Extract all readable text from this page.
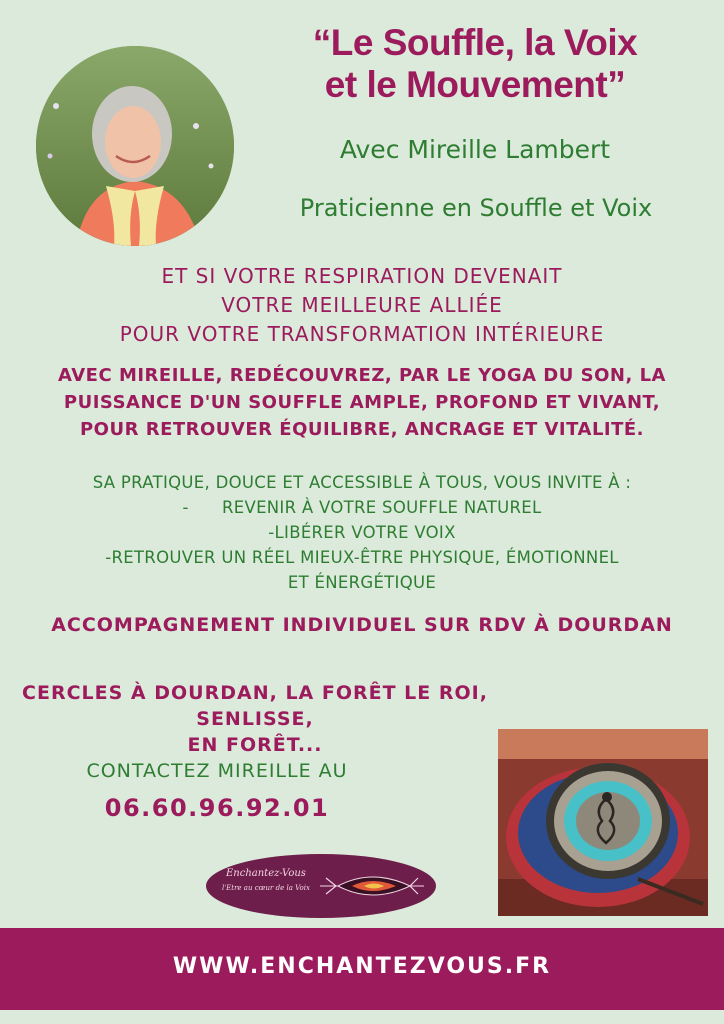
“Le Souffle, la Voix
et le Mouvement”
Avec Mireille Lambert
Praticienne en Souffle et Voix
ET SI VOTRE RESPIRATION DEVENAIT
VOTRE MEILLEURE ALLIÉE
POUR VOTRE TRANSFORMATION INTÉRIEURE
AVEC MIREILLE, REDÉCOUVREZ, PAR LE YOGA DU SON, LA
PUISSANCE D'UN SOUFFLE AMPLE, PROFOND ET VIVANT,
POUR RETROUVER ÉQUILIBRE, ANCRAGE ET VITALITÉ.
SA PRATIQUE, DOUCE ET ACCESSIBLE À TOUS, VOUS INVITE À :
-      REVENIR À VOTRE SOUFFLE NATUREL
-LIBÉRER VOTRE VOIX
-RETROUVER UN RÉEL MIEUX-ÊTRE PHYSIQUE, ÉMOTIONNEL
ET ÉNERGÉTIQUE
ACCOMPAGNEMENT INDIVIDUEL SUR RDV À DOURDAN
CERCLES À DOURDAN, LA FORÊT LE ROI, SENLISSE,
EN FORÊT...
CONTACTEZ MIREILLE AU
06.60.96.92.01
Enchantez-Vous
l'Etre au cœur de la Voix
WWW.ENCHANTEZVOUS.FR
